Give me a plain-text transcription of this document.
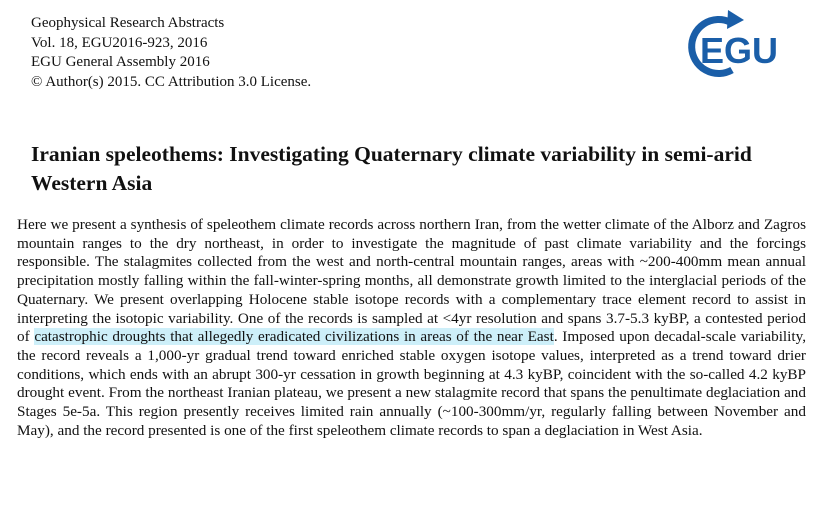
Geophysical Research Abstracts
Vol. 18, EGU2016-923, 2016
EGU General Assembly 2016
© Author(s) 2015. CC Attribution 3.0 License.
EGU
Iranian speleothems: Investigating Quaternary climate variability in semi-arid Western Asia

Here we present a synthesis of speleothem climate records across northern Iran, from the wetter climate of the Alborz and Zagros mountain ranges to the dry northeast, in order to investigate the magnitude of past climate variability and the forcings responsible. The stalagmites collected from the west and north-central mountain ranges, areas with ~200-400mm mean annual precipitation mostly falling within the fall-winter-spring months, all demonstrate growth limited to the interglacial periods of the Quaternary. We present overlapping Holocene stable isotope records with a complementary trace element record to assist in interpreting the isotopic variability. One of the records is sampled at <4yr resolution and spans 3.7-5.3 kyBP, a contested period of catastrophic droughts that allegedly eradicated civilizations in areas of the near East. Imposed upon decadal-scale variability, the record reveals a 1,000-yr gradual trend toward enriched stable oxygen isotope values, interpreted as a trend toward drier conditions, which ends with an abrupt 300-yr cessation in growth beginning at 4.3 kyBP, coincident with the so-called 4.2 kyBP drought event. From the northeast Iranian plateau, we present a new stalagmite record that spans the penultimate deglaciation and Stages 5e-5a. This region presently receives limited rain annually (~100-300mm/yr, regularly falling between November and May), and the record presented is one of the first speleothem climate records to span a deglaciation in West Asia.
